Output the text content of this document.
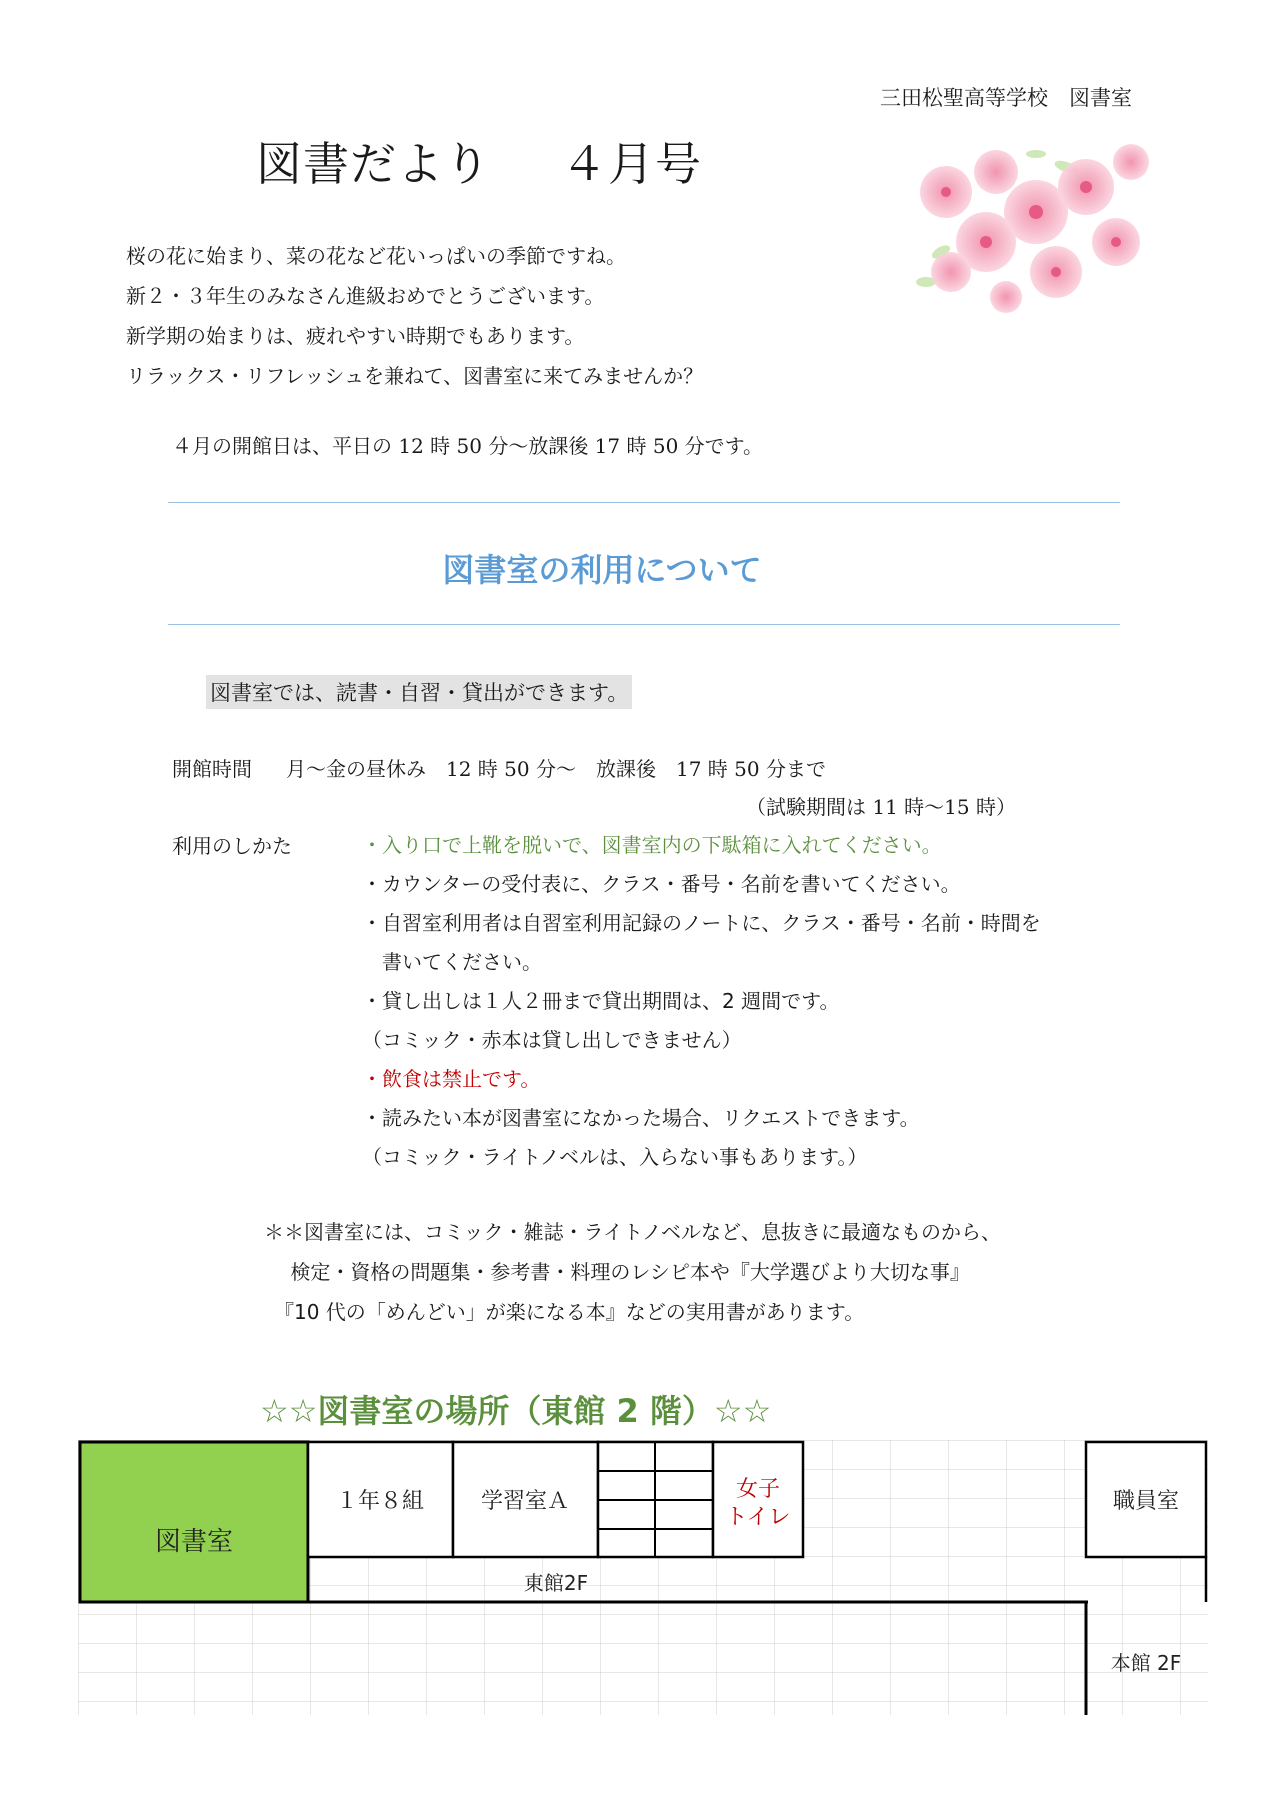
三田松聖高等学校　図書室
図書だより ４月号
桜の花に始まり、菜の花など花いっぱいの季節ですね。
新２・３年生のみなさん進級おめでとうございます。
新学期の始まりは、疲れやすい時期でもあります。
リラックス・リフレッシュを兼ねて、図書室に来てみませんか？
４月の開館日は、平日の 12 時 50 分～放課後 17 時 50 分です。
図書室の利用について
図書室では、読書・自習・貸出ができます。
開館時間 月～金の昼休み　12 時 50 分～　放課後　17 時 50 分まで
（試験期間は 11 時～15 時）
利用のしかた	・入り口で上靴を脱いで、図書室内の下駄箱に入れてください。
・カウンターの受付表に、クラス・番号・名前を書いてください。
・自習室利用者は自習室利用記録のノートに、クラス・番号・名前・時間を
　書いてください。
・貸し出しは１人２冊まで貸出期間は、2 週間です。
（コミック・赤本は貸し出しできません）
・飲食は禁止です。
・読みたい本が図書室になかった場合、リクエストできます。
（コミック・ライトノベルは、入らない事もあります。）
＊＊図書室には、コミック・雑誌・ライトノベルなど、息抜きに最適なものから、
　 検定・資格の問題集・参考書・料理のレシピ本や『大学選びより大切な事』
　『10 代の「めんどい」が楽になる本』などの実用書があります。
☆☆図書室の場所（東館 2 階）☆☆
図書室
１年８組	学習室Ａ	女子
トイレ
職員室
東館2F
本館 2F
